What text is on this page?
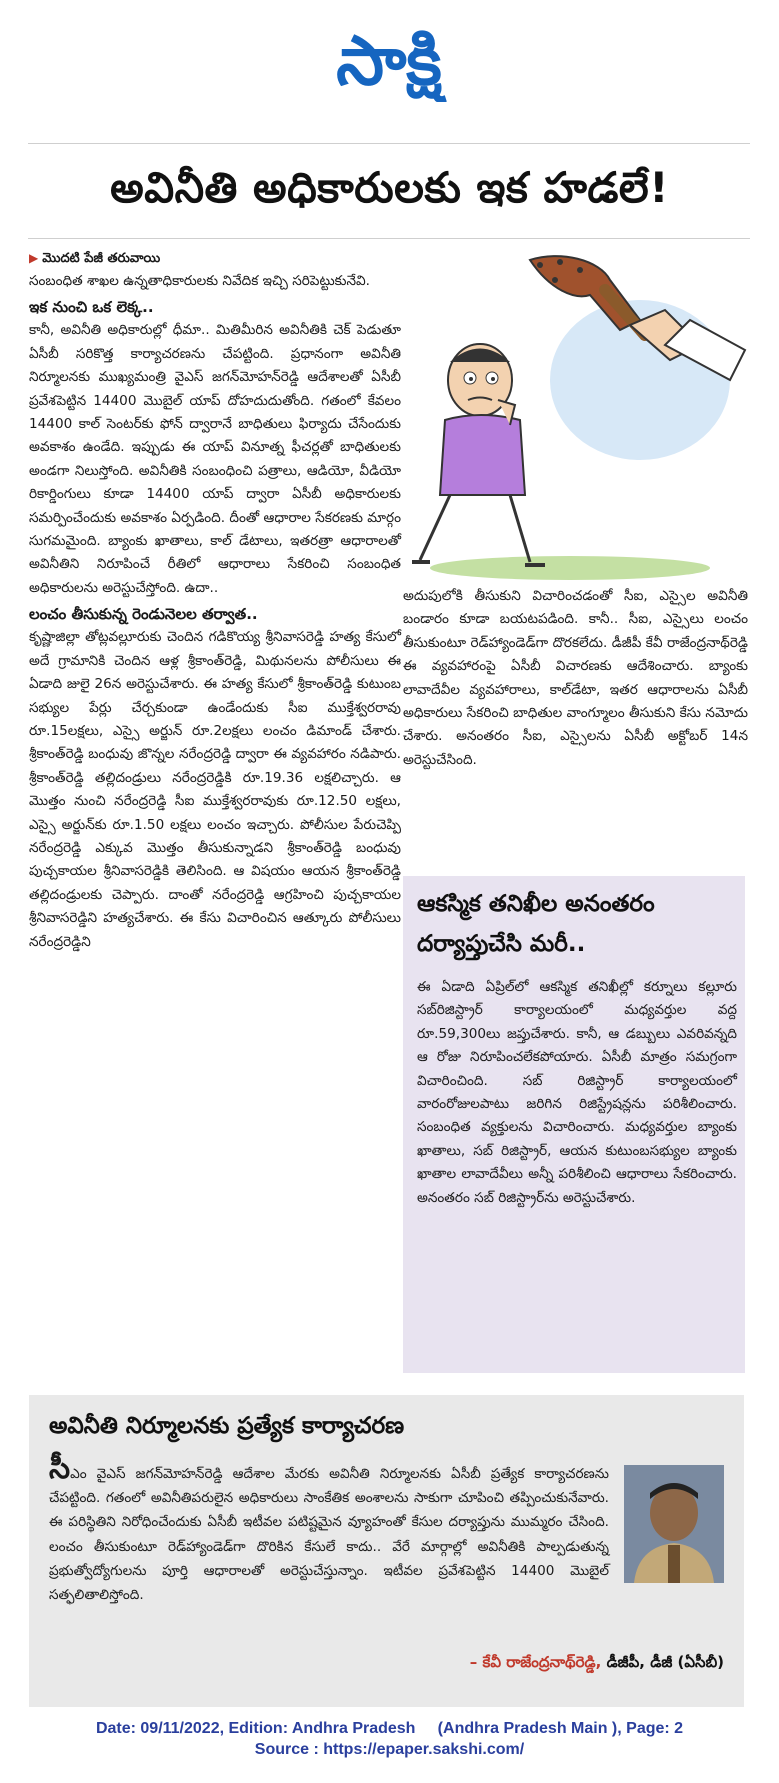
సాక్షి
అవినీతి అధికారులకు ఇక హడలే!
▶ మొదటి పేజీ తరువాయి

సంబంధిత శాఖల ఉన్నతాధికారులకు నివేదిక ఇచ్చి సరిపెట్టుకునేవి.

ఇక నుంచి ఒక లెక్క..

కానీ, అవినీతి అధికారుల్లో ధీమా.. మితిమీరిన అవినీతికి చెక్ పెడుతూ ఏసీబీ సరికొత్త కార్యాచరణను చేపట్టింది. ప్రధానంగా అవినీతి నిర్మూలనకు ముఖ్యమంత్రి వైఎస్ జగన్‌మోహన్‌రెడ్డి ఆదేశాలతో ఏసీబీ ప్రవేశపెట్టిన 14400 మొబైల్ యాప్ దోహదుదుతోంది. గతంలో కేవలం 14400 కాల్ సెంటర్‌కు ఫోన్ ద్వారానే బాధితులు ఫిర్యాదు చేసేందుకు అవకాశం ఉండేది. ఇప్పుడు ఈ యాప్ వినూత్న ఫీచర్లతో బాధితులకు అండగా నిలుస్తోంది. అవినీతికి సంబంధించి పత్రాలు, ఆడియో, వీడియో రికార్డింగులు కూడా 14400 యాప్ ద్వారా ఏసీబీ అధికారులకు సమర్పించేందుకు అవకాశం ఏర్పడింది. దీంతో ఆధారాల సేకరణకు మార్గం సుగమమైంది. బ్యాంకు ఖాతాలు, కాల్ డేటాలు, ఇతరత్రా ఆధారాలతో అవినీతిని నిరూపించే రీతిలో ఆధారాలు సేకరించి సంబంధిత అధికారులను అరెస్టుచేస్తోంది. ఉదా..

లంచం తీసుకున్న రెండునెలల తర్వాత..

కృష్ణాజిల్లా తోట్లవల్లూరుకు చెందిన గడికొయ్య శ్రీనివాసరెడ్డి హత్య కేసులో అదే గ్రామానికి చెందిన ఆళ్ల శ్రీకాంత్‌రెడ్డి, మిథునలను పోలీసులు ఈ ఏడాది జులై 26న అరెస్టుచేశారు. ఈ హత్య కేసులో శ్రీకాంత్‌రెడ్డి కుటుంబ సభ్యుల పేర్లు చేర్చకుండా ఉండేందుకు సీఐ ముక్తేశ్వరరావు రూ.15లక్షలు, ఎస్సై అర్జున్ రూ.2లక్షలు లంచం డిమాండ్ చేశారు. శ్రీకాంత్‌రెడ్డి బంధువు జొన్నల నరేంద్రరెడ్డి ద్వారా ఈ వ్యవహారం నడిపారు. శ్రీకాంత్‌రెడ్డి తల్లిదండ్రులు నరేంద్రరెడ్డికి రూ.19.36 లక్షలిచ్చారు. ఆ మొత్తం నుంచి నరేంద్రరెడ్డి సీఐ ముక్తేశ్వరరావుకు రూ.12.50 లక్షలు, ఎస్సై అర్జున్‌కు రూ.1.50 లక్షలు లంచం ఇచ్చారు. పోలీసుల పేరుచెప్పి నరేంద్రరెడ్డి ఎక్కువ మొత్తం తీసుకున్నాడని శ్రీకాంత్‌రెడ్డి బంధువు పుచ్చకాయల శ్రీనివాసరెడ్డికి తెలిసింది. ఆ విషయం ఆయన శ్రీకాంత్‌రెడ్డి తల్లిదండ్రులకు చెప్పారు. దాంతో నరేంద్రరెడ్డి ఆగ్రహించి పుచ్చకాయల శ్రీనివాసరెడ్డిని హత్యచేశారు. ఈ కేసు విచారించిన ఆత్కూరు పోలీసులు నరేంద్రరెడ్డిని

అదుపులోకి తీసుకుని విచారించడంతో సీఐ, ఎస్సైల అవినీతి బండారం కూడా బయటపడింది. కానీ.. సీఐ, ఎస్సైలు లంచం తీసుకుంటూ రెడ్‌హ్యాండెడ్‌గా దొరకలేదు. డీజీపీ కేవీ రాజేంద్రనాథ్‌రెడ్డి ఈ వ్యవహారంపై ఏసీబీ విచారణకు ఆదేశించారు. బ్యాంకు లావాదేవీల వ్యవహారాలు, కాల్‌డేటా, ఇతర ఆధారాలను ఏసీబీ అధికారులు సేకరించి బాధితుల వాంగ్మూలం తీసుకుని కేసు నమోదు చేశారు. అనంతరం సీఐ, ఎస్సైలను ఏసీబీ అక్టోబర్ 14న అరెస్టుచేసింది.

ఆకస్మిక తనిఖీల అనంతరం దర్యాప్తుచేసి మరీ..
ఈ ఏడాది ఏప్రిల్‌లో ఆకస్మిక తనిఖీల్లో కర్నూలు కల్లూరు సబ్‌రిజిస్ట్రార్ కార్యాలయంలో మధ్యవర్తుల వద్ద రూ.59,300లు జప్తుచేశారు. కానీ, ఆ డబ్బులు ఎవరివన్నది ఆ రోజు నిరూపించలేకపోయారు. ఏసీబీ మాత్రం సమగ్రంగా విచారించింది. సబ్ రిజిస్ట్రార్ కార్యాలయంలో వారంరోజులపాటు జరిగిన రిజిస్ట్రేషన్లను పరిశీలించారు. సంబంధిత వ్యక్తులను విచారించారు. మధ్యవర్తుల బ్యాంకు ఖాతాలు, సబ్ రిజిస్ట్రార్, ఆయన కుటుంబసభ్యుల బ్యాంకు ఖాతాల లావాదేవీలు అన్నీ పరిశీలించి ఆధారాలు సేకరించారు. అనంతరం సబ్ రిజిస్ట్రార్‌ను అరెస్టుచేశారు.
అవినీతి నిర్మూలనకు ప్రత్యేక కార్యాచరణ
సీఎం వైఎస్ జగన్‌మోహన్‌రెడ్డి ఆదేశాల మేరకు అవినీతి నిర్మూలనకు ఏసీబీ ప్రత్యేక కార్యాచరణను చేపట్టింది. గతంలో అవినీతిపరులైన అధికారులు సాంకేతిక అంశాలను సాకుగా చూపించి తప్పించుకునేవారు. ఈ పరిస్థితిని నిరోధించేందుకు ఏసీబీ ఇటీవల పటిష్టమైన వ్యూహంతో కేసుల దర్యాప్తును ముమ్మరం చేసింది. లంచం తీసుకుంటూ రెడ్‌హ్యాండెడ్‌గా దొరికిన కేసులే కాదు.. వేరే మార్గాల్లో అవినీతికి పాల్పడుతున్న ప్రభుత్వోద్యోగులను పూర్తి ఆధారాలతో అరెస్టుచేస్తున్నాం. ఇటీవల ప్రవేశపెట్టిన 14400 మొబైల్ సత్ఫలితాలిస్తోంది.
– కేవీ రాజేంద్రనాథ్‌రెడ్డి, డీజీపీ, డీజీ (ఏసీబీ)
Date: 09/11/2022, Edition: Andhra Pradesh     (Andhra Pradesh Main ), Page: 2
Source : https://epaper.sakshi.com/
